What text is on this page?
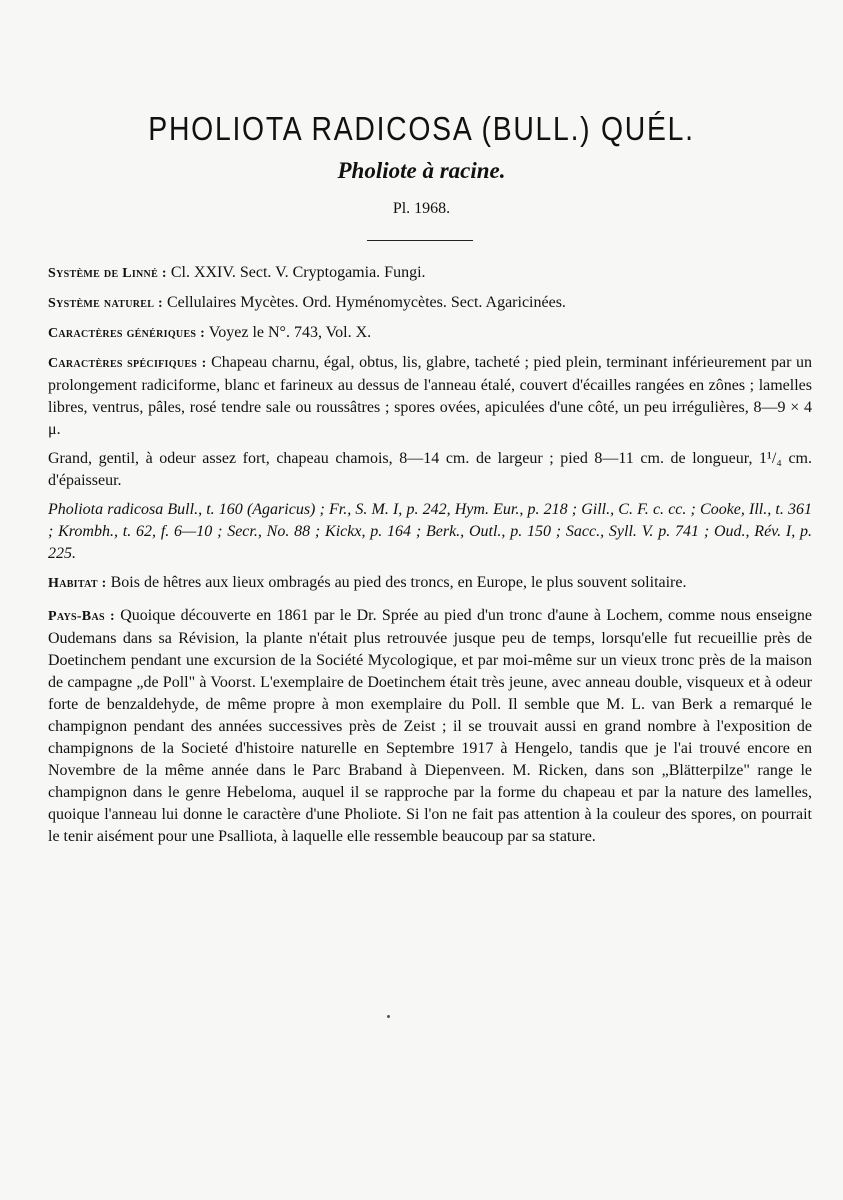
PHOLIOTA RADICOSA (BULL.) QUÉL.
Pholiote à racine.
Pl. 1968.

Système de Linné : Cl. XXIV. Sect. V. Cryptogamia. Fungi.

Système naturel : Cellulaires Mycètes. Ord. Hyménomycètes. Sect. Agaricinées.

Caractères génériques : Voyez le N°. 743, Vol. X.

Caractères spécifiques : Chapeau charnu, égal, obtus, lis, glabre, tacheté ; pied plein, terminant inférieurement par un prolongement radiciforme, blanc et farineux au dessus de l'anneau étalé, couvert d'écailles rangées en zônes ; lamelles libres, ventrus, pâles, rosé tendre sale ou roussâtres ; spores ovées, apiculées d'une côté, un peu irrégulières, 8—9 × 4 μ.

Grand, gentil, à odeur assez fort, chapeau chamois, 8—14 cm. de largeur ; pied 8—11 cm. de longueur, 1¹/₄ cm. d'épaisseur.

Pholiota radicosa Bull., t. 160 (Agaricus) ; Fr., S. M. I, p. 242, Hym. Eur., p. 218 ; Gill., C. F. c. cc. ; Cooke, Ill., t. 361 ; Krombh., t. 62, f. 6—10 ; Secr., No. 88 ; Kickx, p. 164 ; Berk., Outl., p. 150 ; Sacc., Syll. V. p. 741 ; Oud., Rév. I, p. 225.

Habitat : Bois de hêtres aux lieux ombragés au pied des troncs, en Europe, le plus souvent solitaire.

Pays-Bas : Quoique découverte en 1861 par le Dr. Sprée au pied d'un tronc d'aune à Lochem, comme nous enseigne Oudemans dans sa Révision, la plante n'était plus retrouvée jusque peu de temps, lorsqu'elle fut recueillie près de Doetinchem pendant une excursion de la Société Mycologique, et par moi-même sur un vieux tronc près de la maison de campagne „de Poll" à Voorst. L'exemplaire de Doetinchem était très jeune, avec anneau double, visqueux et à odeur forte de benzaldehyde, de même propre à mon exemplaire du Poll. Il semble que M. L. van Berk a remarqué le champignon pendant des années successives près de Zeist ; il se trouvait aussi en grand nombre à l'exposition de champignons de la Societé d'histoire naturelle en Septembre 1917 à Hengelo, tandis que je l'ai trouvé encore en Novembre de la même année dans le Parc Braband à Diepenveen. M. Ricken, dans son „Blätterpilze" range le champignon dans le genre Hebeloma, auquel il se rapproche par la forme du chapeau et par la nature des lamelles, quoique l'anneau lui donne le caractère d'une Pholiote. Si l'on ne fait pas attention à la couleur des spores, on pourrait le tenir aisément pour une Psalliota, à laquelle elle ressemble beaucoup par sa stature.
